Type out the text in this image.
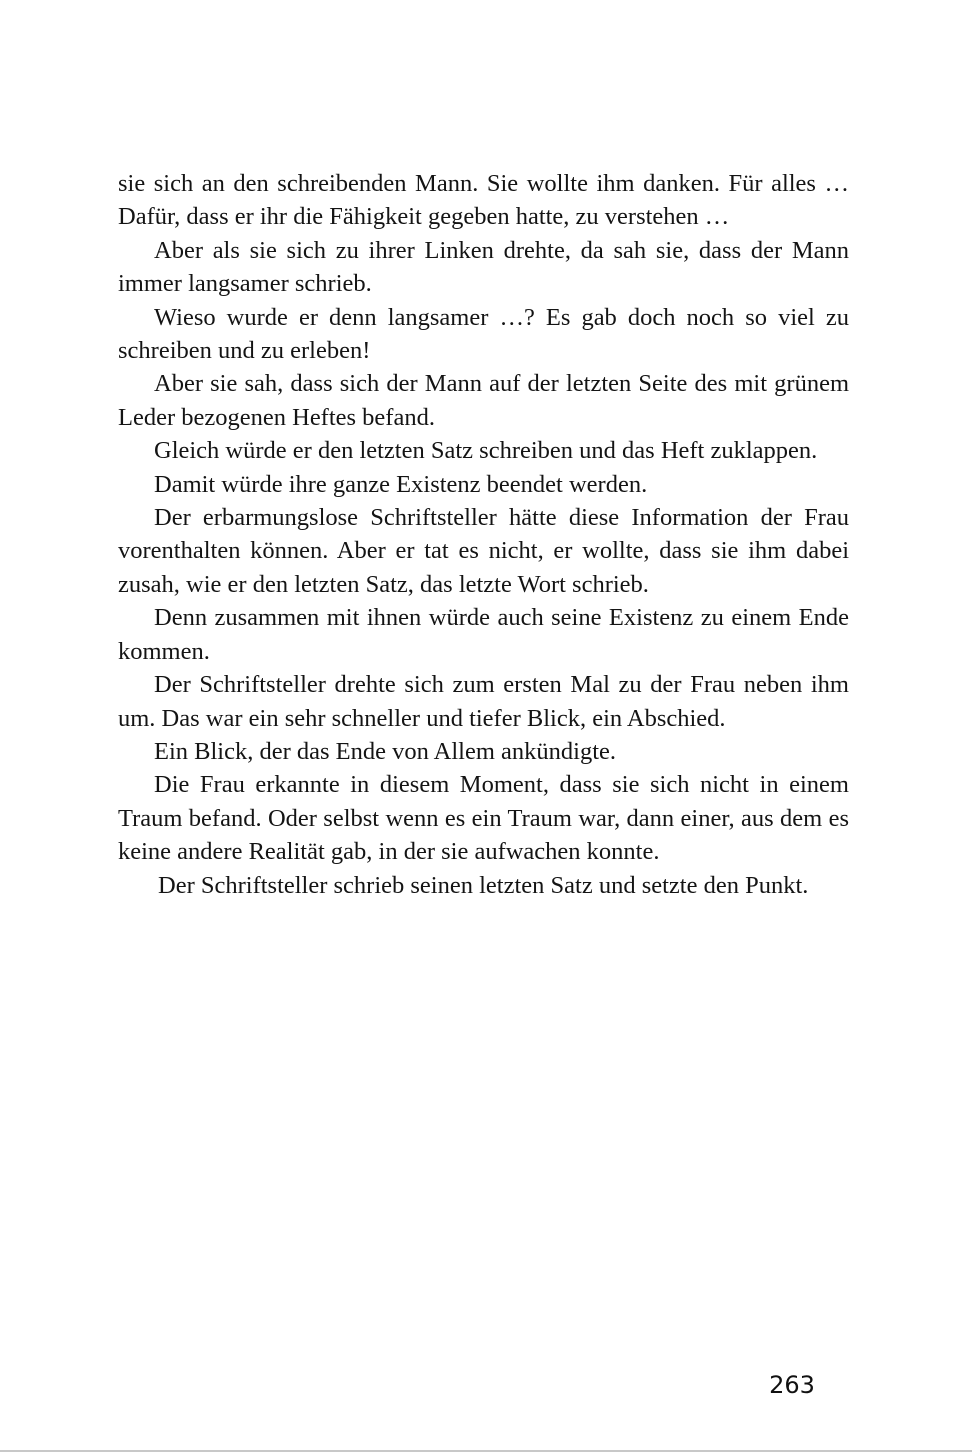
sie sich an den schreibenden Mann. Sie wollte ihm danken. Für alles … Dafür, dass er ihr die Fähigkeit gegeben hatte, zu verstehen …

Aber als sie sich zu ihrer Linken drehte, da sah sie, dass der Mann immer langsamer schrieb.

Wieso wurde er denn langsamer …? Es gab doch noch so viel zu schreiben und zu erleben!

Aber sie sah, dass sich der Mann auf der letzten Seite des mit grünem Leder bezogenen Heftes befand.

Gleich würde er den letzten Satz schreiben und das Heft zuklappen.

Damit würde ihre ganze Existenz beendet werden.

Der erbarmungslose Schriftsteller hätte diese Information der Frau vorenthalten können. Aber er tat es nicht, er wollte, dass sie ihm dabei zusah, wie er den letzten Satz, das letzte Wort schrieb.

Denn zusammen mit ihnen würde auch seine Existenz zu einem Ende kommen.

Der Schriftsteller drehte sich zum ersten Mal zu der Frau neben ihm um. Das war ein sehr schneller und tiefer Blick, ein Abschied.

Ein Blick, der das Ende von Allem ankündigte.

Die Frau erkannte in diesem Moment, dass sie sich nicht in einem Traum befand. Oder selbst wenn es ein Traum war, dann einer, aus dem es keine andere Realität gab, in der sie aufwachen konnte.

Der Schriftsteller schrieb seinen letzten Satz und setzte den Punkt.

263
